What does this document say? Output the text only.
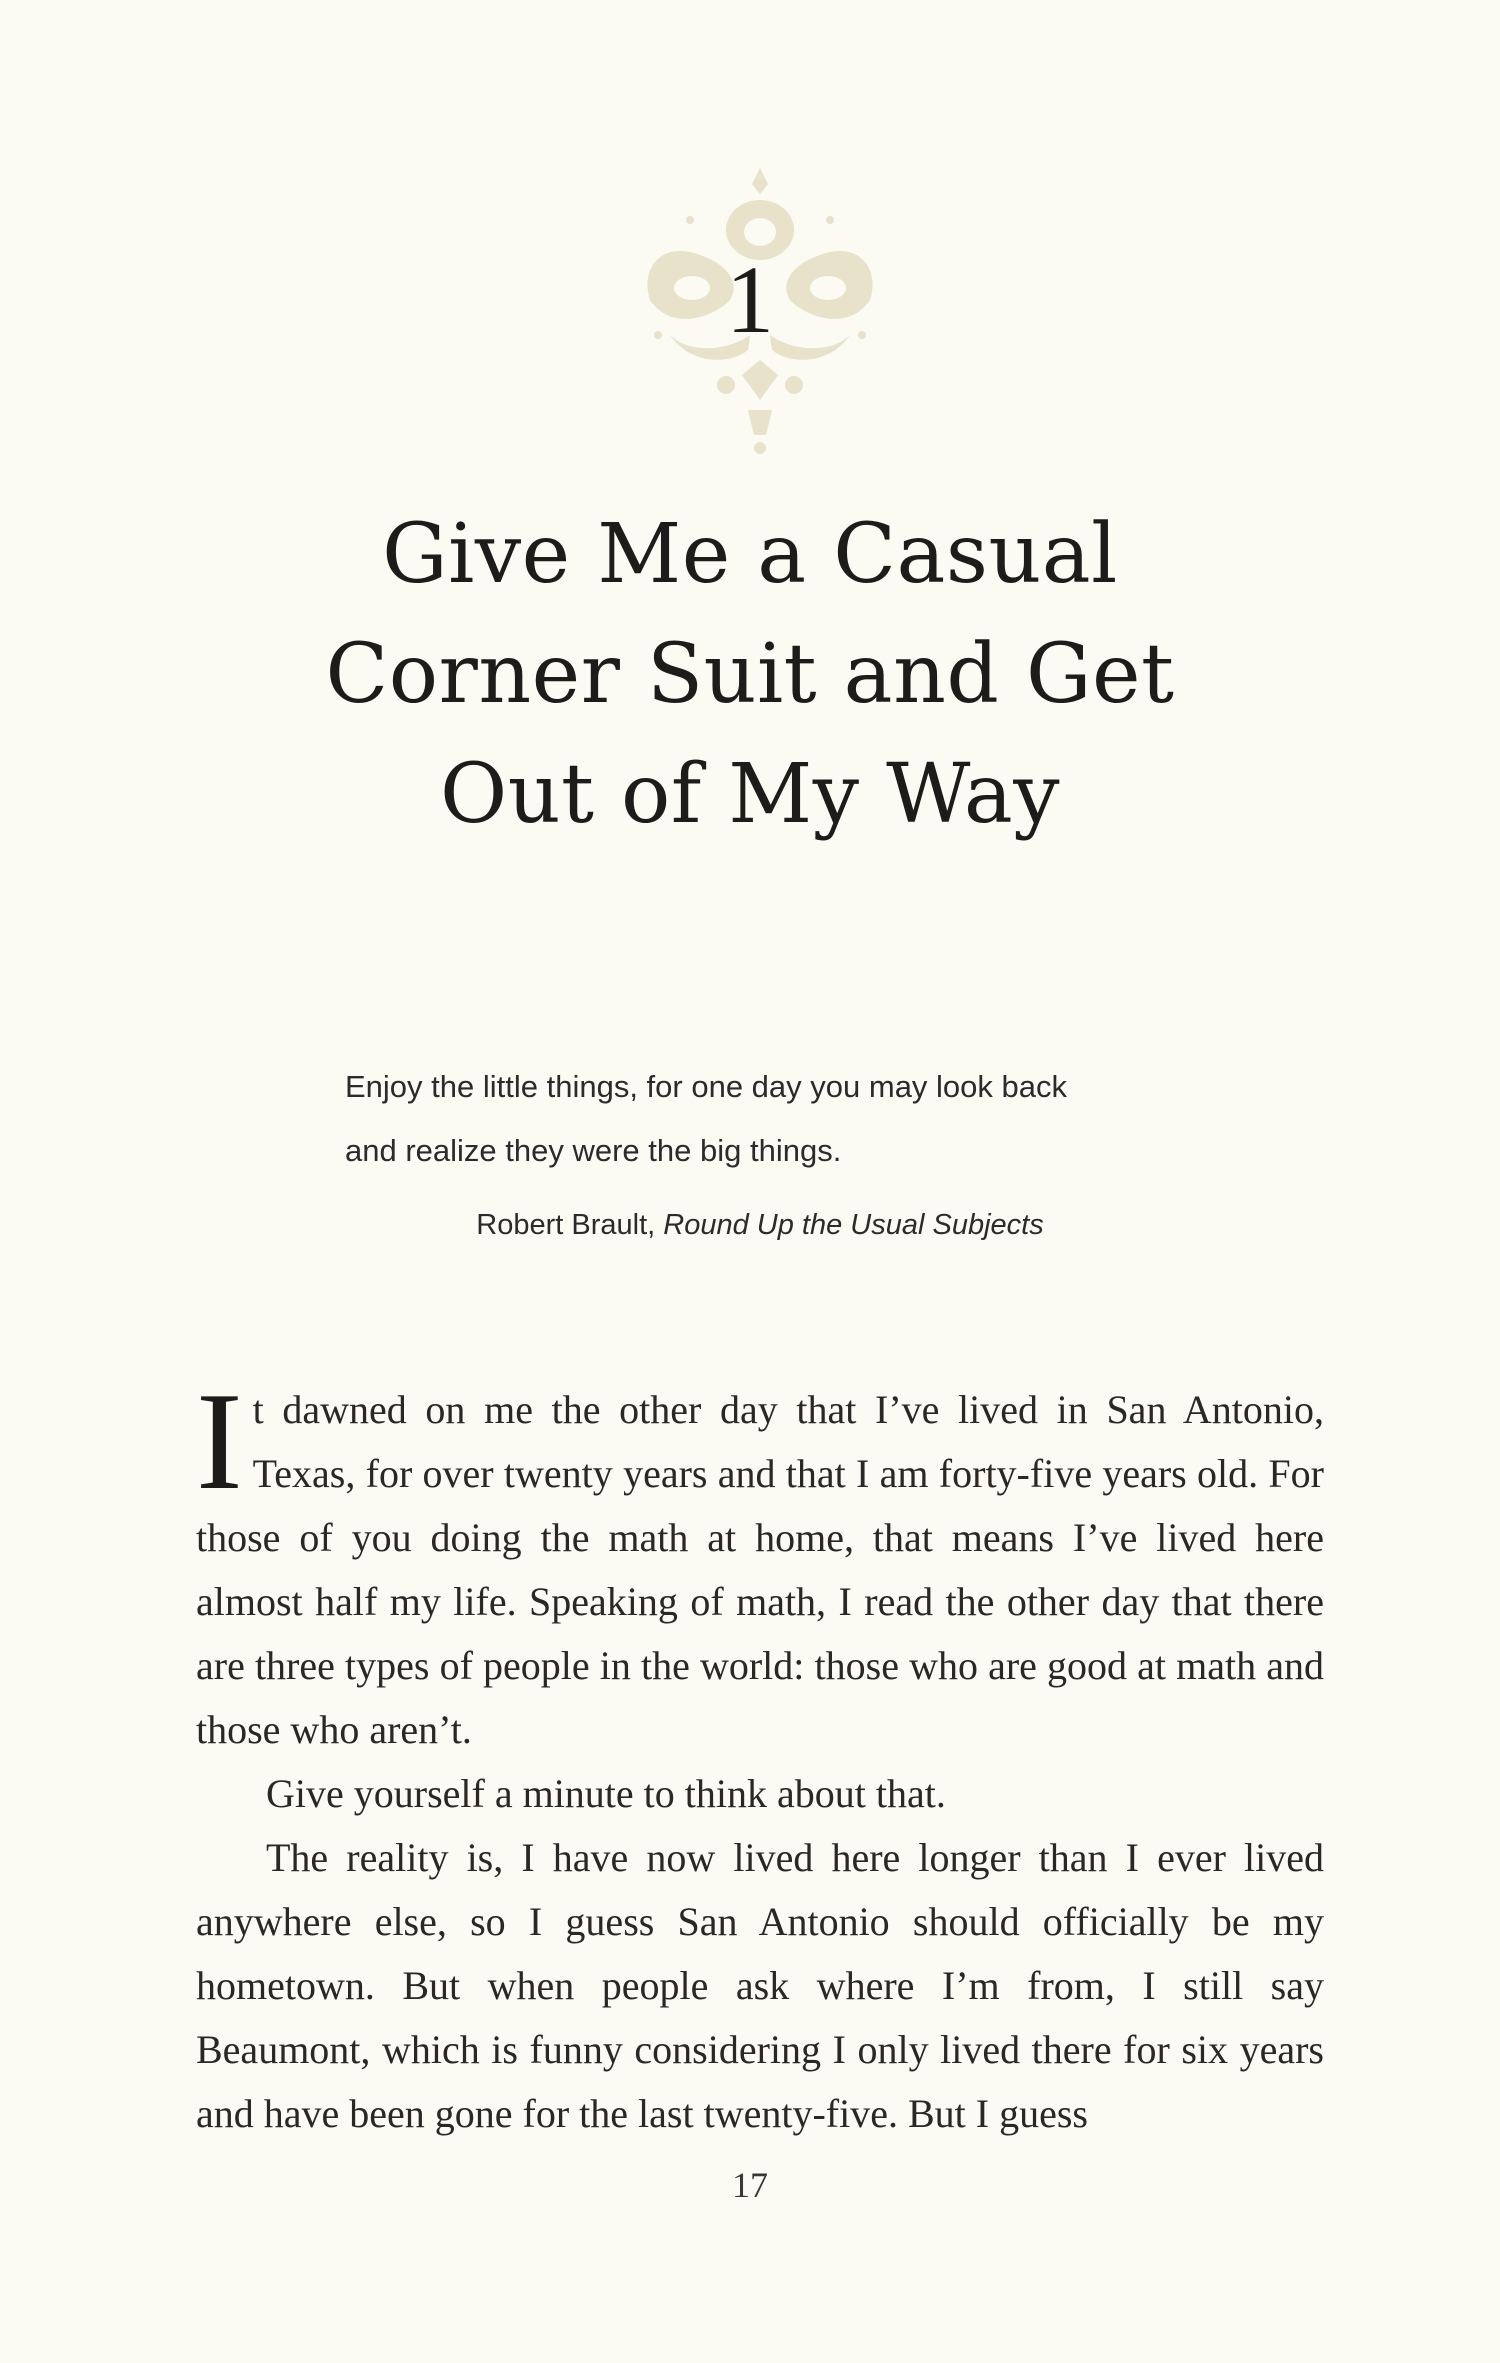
1
Give Me a Casual
Corner Suit and Get
Out of My Way
Enjoy the little things, for one day you may look back
and realize they were the big things.
Robert Brault, Round Up the Usual Subjects

It dawned on me the other day that I’ve lived in San Antonio, Texas, for over twenty years and that I am forty-five years old. For those of you doing the math at home, that means I’ve lived here almost half my life. Speaking of math, I read the other day that there are three types of people in the world: those who are good at math and those who aren’t.

Give yourself a minute to think about that.

The reality is, I have now lived here longer than I ever lived anywhere else, so I guess San Antonio should officially be my hometown. But when people ask where I’m from, I still say Beaumont, which is funny considering I only lived there for six years and have been gone for the last twenty-five. But I guess

17
